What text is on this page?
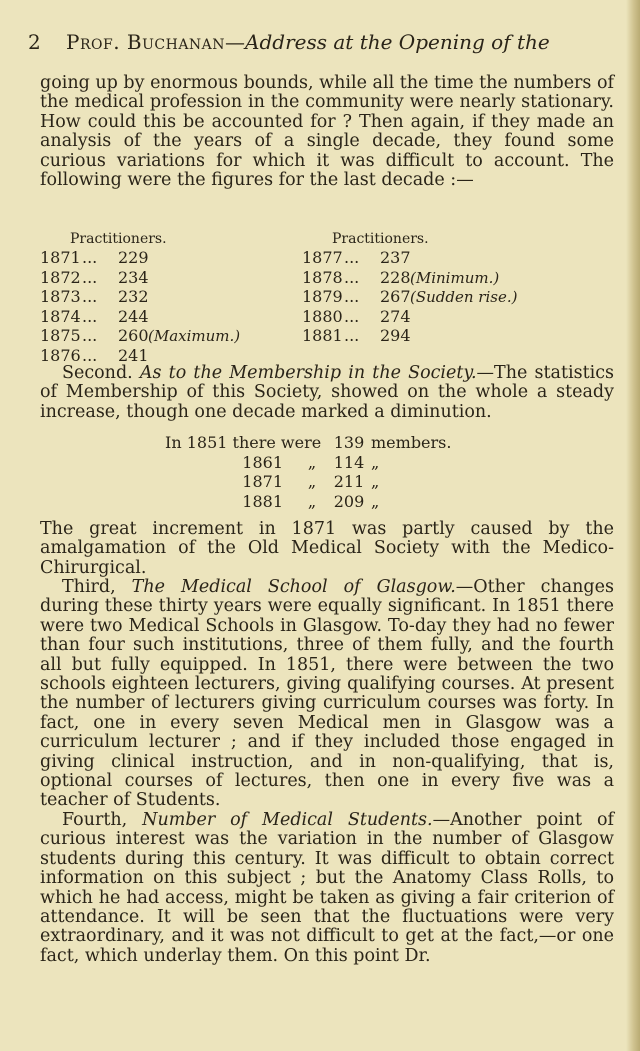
2 Prof. Buchanan—Address at the Opening of the

going up by enormous bounds, while all the time the numbers of the medical profession in the community were nearly stationary. How could this be accounted for ? Then again, if they made an analysis of the years of a single decade, they found some curious variations for which it was difficult to account. The following were the figures for the last decade :—

Practitioners.	Practitioners.
1871... 229
1872... 234
1873... 232
1874... 244
1875... 260(Maximum.)
1876... 241
1877... 237
1878... 228(Minimum.)
1879... 267(Sudden rise.)
1880... 274
1881... 294

Second. As to the Membership in the Society.—The statistics of Membership of this Society, showed on the whole a steady increase, though one decade marked a diminution.

In 1851 there were 139 members.
1861 „ 114 „
1871 „ 211 „
1881 „ 209 „

The great increment in 1871 was partly caused by the amalgamation of the Old Medical Society with the Medico-Chirurgical.

Third, The Medical School of Glasgow.—Other changes during these thirty years were equally significant. In 1851 there were two Medical Schools in Glasgow. To-day they had no fewer than four such institutions, three of them fully, and the fourth all but fully equipped. In 1851, there were between the two schools eighteen lecturers, giving qualifying courses. At present the number of lecturers giving curriculum courses was forty. In fact, one in every seven Medical men in Glasgow was a curriculum lecturer ; and if they included those engaged in giving clinical instruction, and in non-qualifying, that is, optional courses of lectures, then one in every five was a teacher of Students.

Fourth, Number of Medical Students.—Another point of curious interest was the variation in the number of Glasgow students during this century. It was difficult to obtain correct information on this subject ; but the Anatomy Class Rolls, to which he had access, might be taken as giving a fair criterion of attendance. It will be seen that the fluctuations were very extraordinary, and it was not difficult to get at the fact,—or one fact, which underlay them. On this point Dr.
